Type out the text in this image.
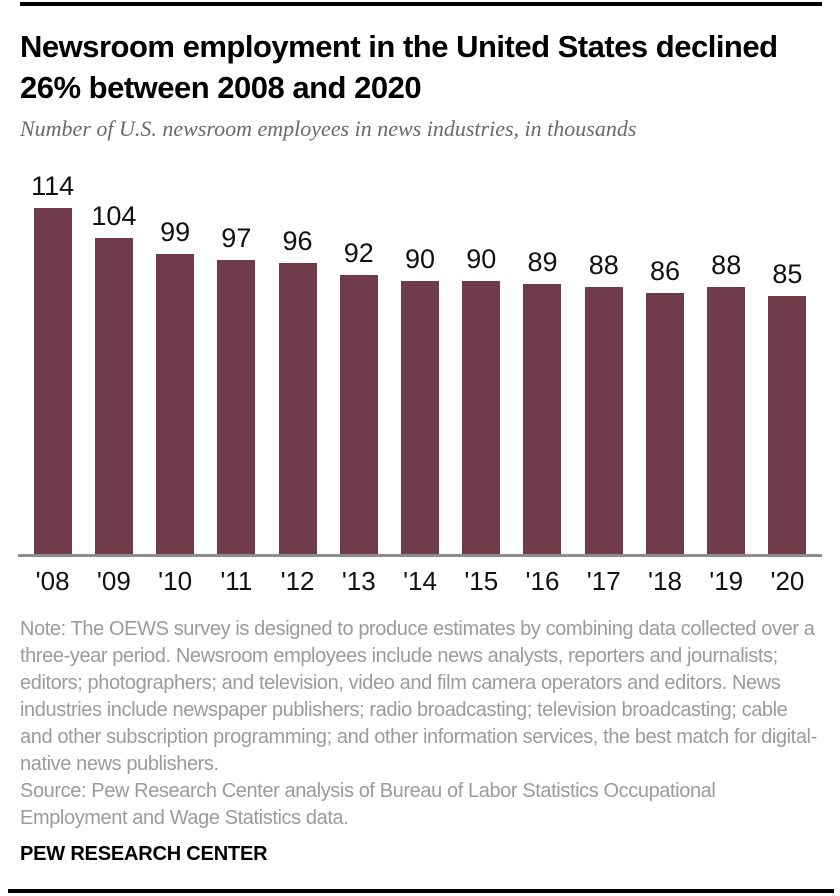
Newsroom employment in the United States declined 26% between 2008 and 2020

Number of U.S. newsroom employees in news industries, in thousands

114
104
99 97 96 92 90 90 89 88 86 88 85
'08	'09	'10	'11	'12	'13	'14	'15	'16	'17	'18	'19	'20

Note: The OEWS survey is designed to produce estimates by combining data collected over a three-year period. Newsroom employees include news analysts, reporters and journalists; editors; photographers; and television, video and film camera operators and editors. News industries include newspaper publishers; radio broadcasting; television broadcasting; cable and other subscription programming; and other information services, the best match for digital-native news publishers.

Source: Pew Research Center analysis of Bureau of Labor Statistics Occupational Employment and Wage Statistics data.

PEW RESEARCH CENTER
